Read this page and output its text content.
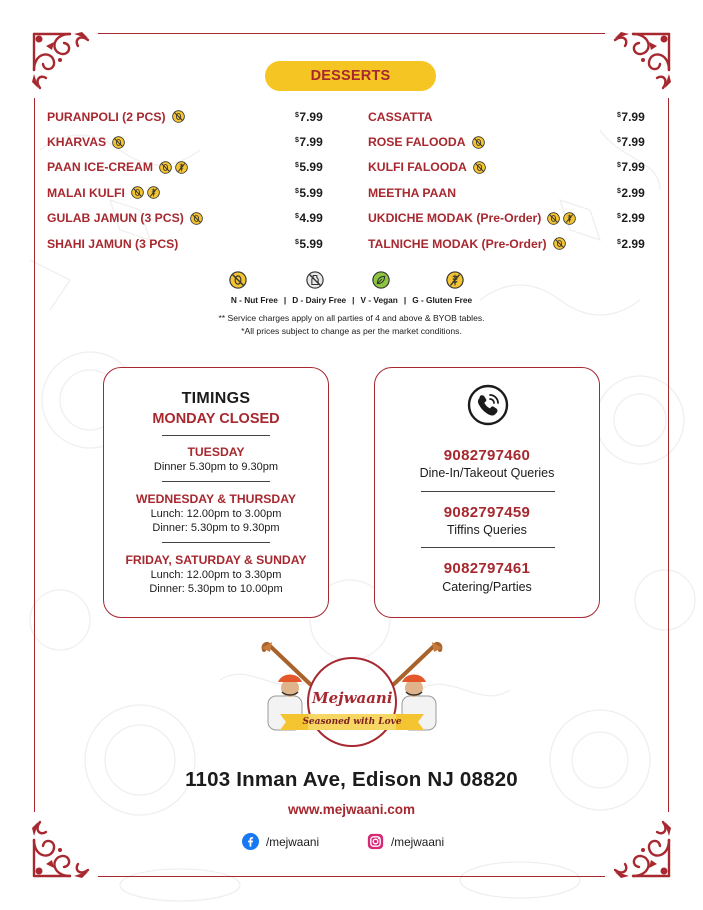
DESSERTS
PURANPOLI (2 PCS)	$7.99
KHARVAS	$7.99
PAAN ICE-CREAM	$5.99
MALAI KULFI	$5.99
GULAB JAMUN (3 PCS)	$4.99
SHAHI JAMUN (3 PCS)	$5.99
CASSATTA	$7.99
ROSE FALOODA	$7.99
KULFI FALOODA	$7.99
MEETHA PAAN	$2.99
UKDICHE MODAK (Pre-Order)	$2.99
TALNICHE MODAK (Pre-Order)	$2.99
N - Nut Free | D - Dairy Free | V - Vegan | G - Gluten Free
** Service charges apply on all parties of 4 and above & BYOB tables.
*All prices subject to change as per the market conditions.
TIMINGS
MONDAY CLOSED
TUESDAY
Dinner 5.30pm to 9.30pm
WEDNESDAY & THURSDAY
Lunch: 12.00pm to 3.00pm
Dinner: 5.30pm to 9.30pm
FRIDAY, SATURDAY & SUNDAY
Lunch: 12.00pm to 3.30pm
Dinner: 5.30pm to 10.00pm
9082797460
Dine-In/Takeout Queries
9082797459
Tiffins Queries
9082797461
Catering/Parties
Mejwaani
Seasoned with Love
1103 Inman Ave, Edison NJ 08820
www.mejwaani.com
/mejwaani	/mejwaani
